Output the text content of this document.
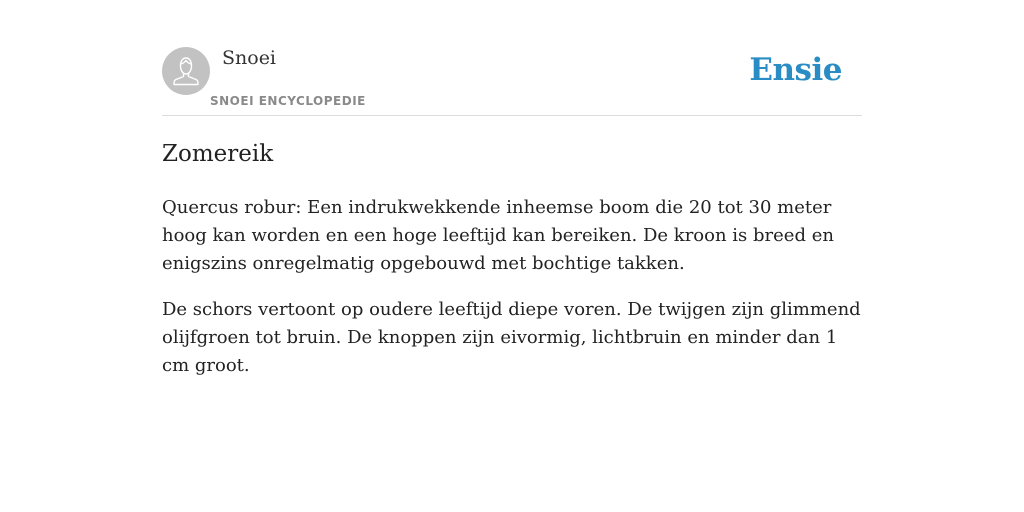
Snoei
SNOEI ENCYCLOPEDIE
Ensie
Zomereik

Quercus robur: Een indrukwekkende inheemse boom die 20 tot 30 meter hoog kan worden en een hoge leeftijd kan bereiken. De kroon is breed en enigszins onregelmatig opgebouwd met bochtige takken.

De schors vertoont op oudere leeftijd diepe voren. De twijgen zijn glimmend olijfgroen tot bruin. De knoppen zijn eivormig, lichtbruin en minder dan 1 cm groot.
